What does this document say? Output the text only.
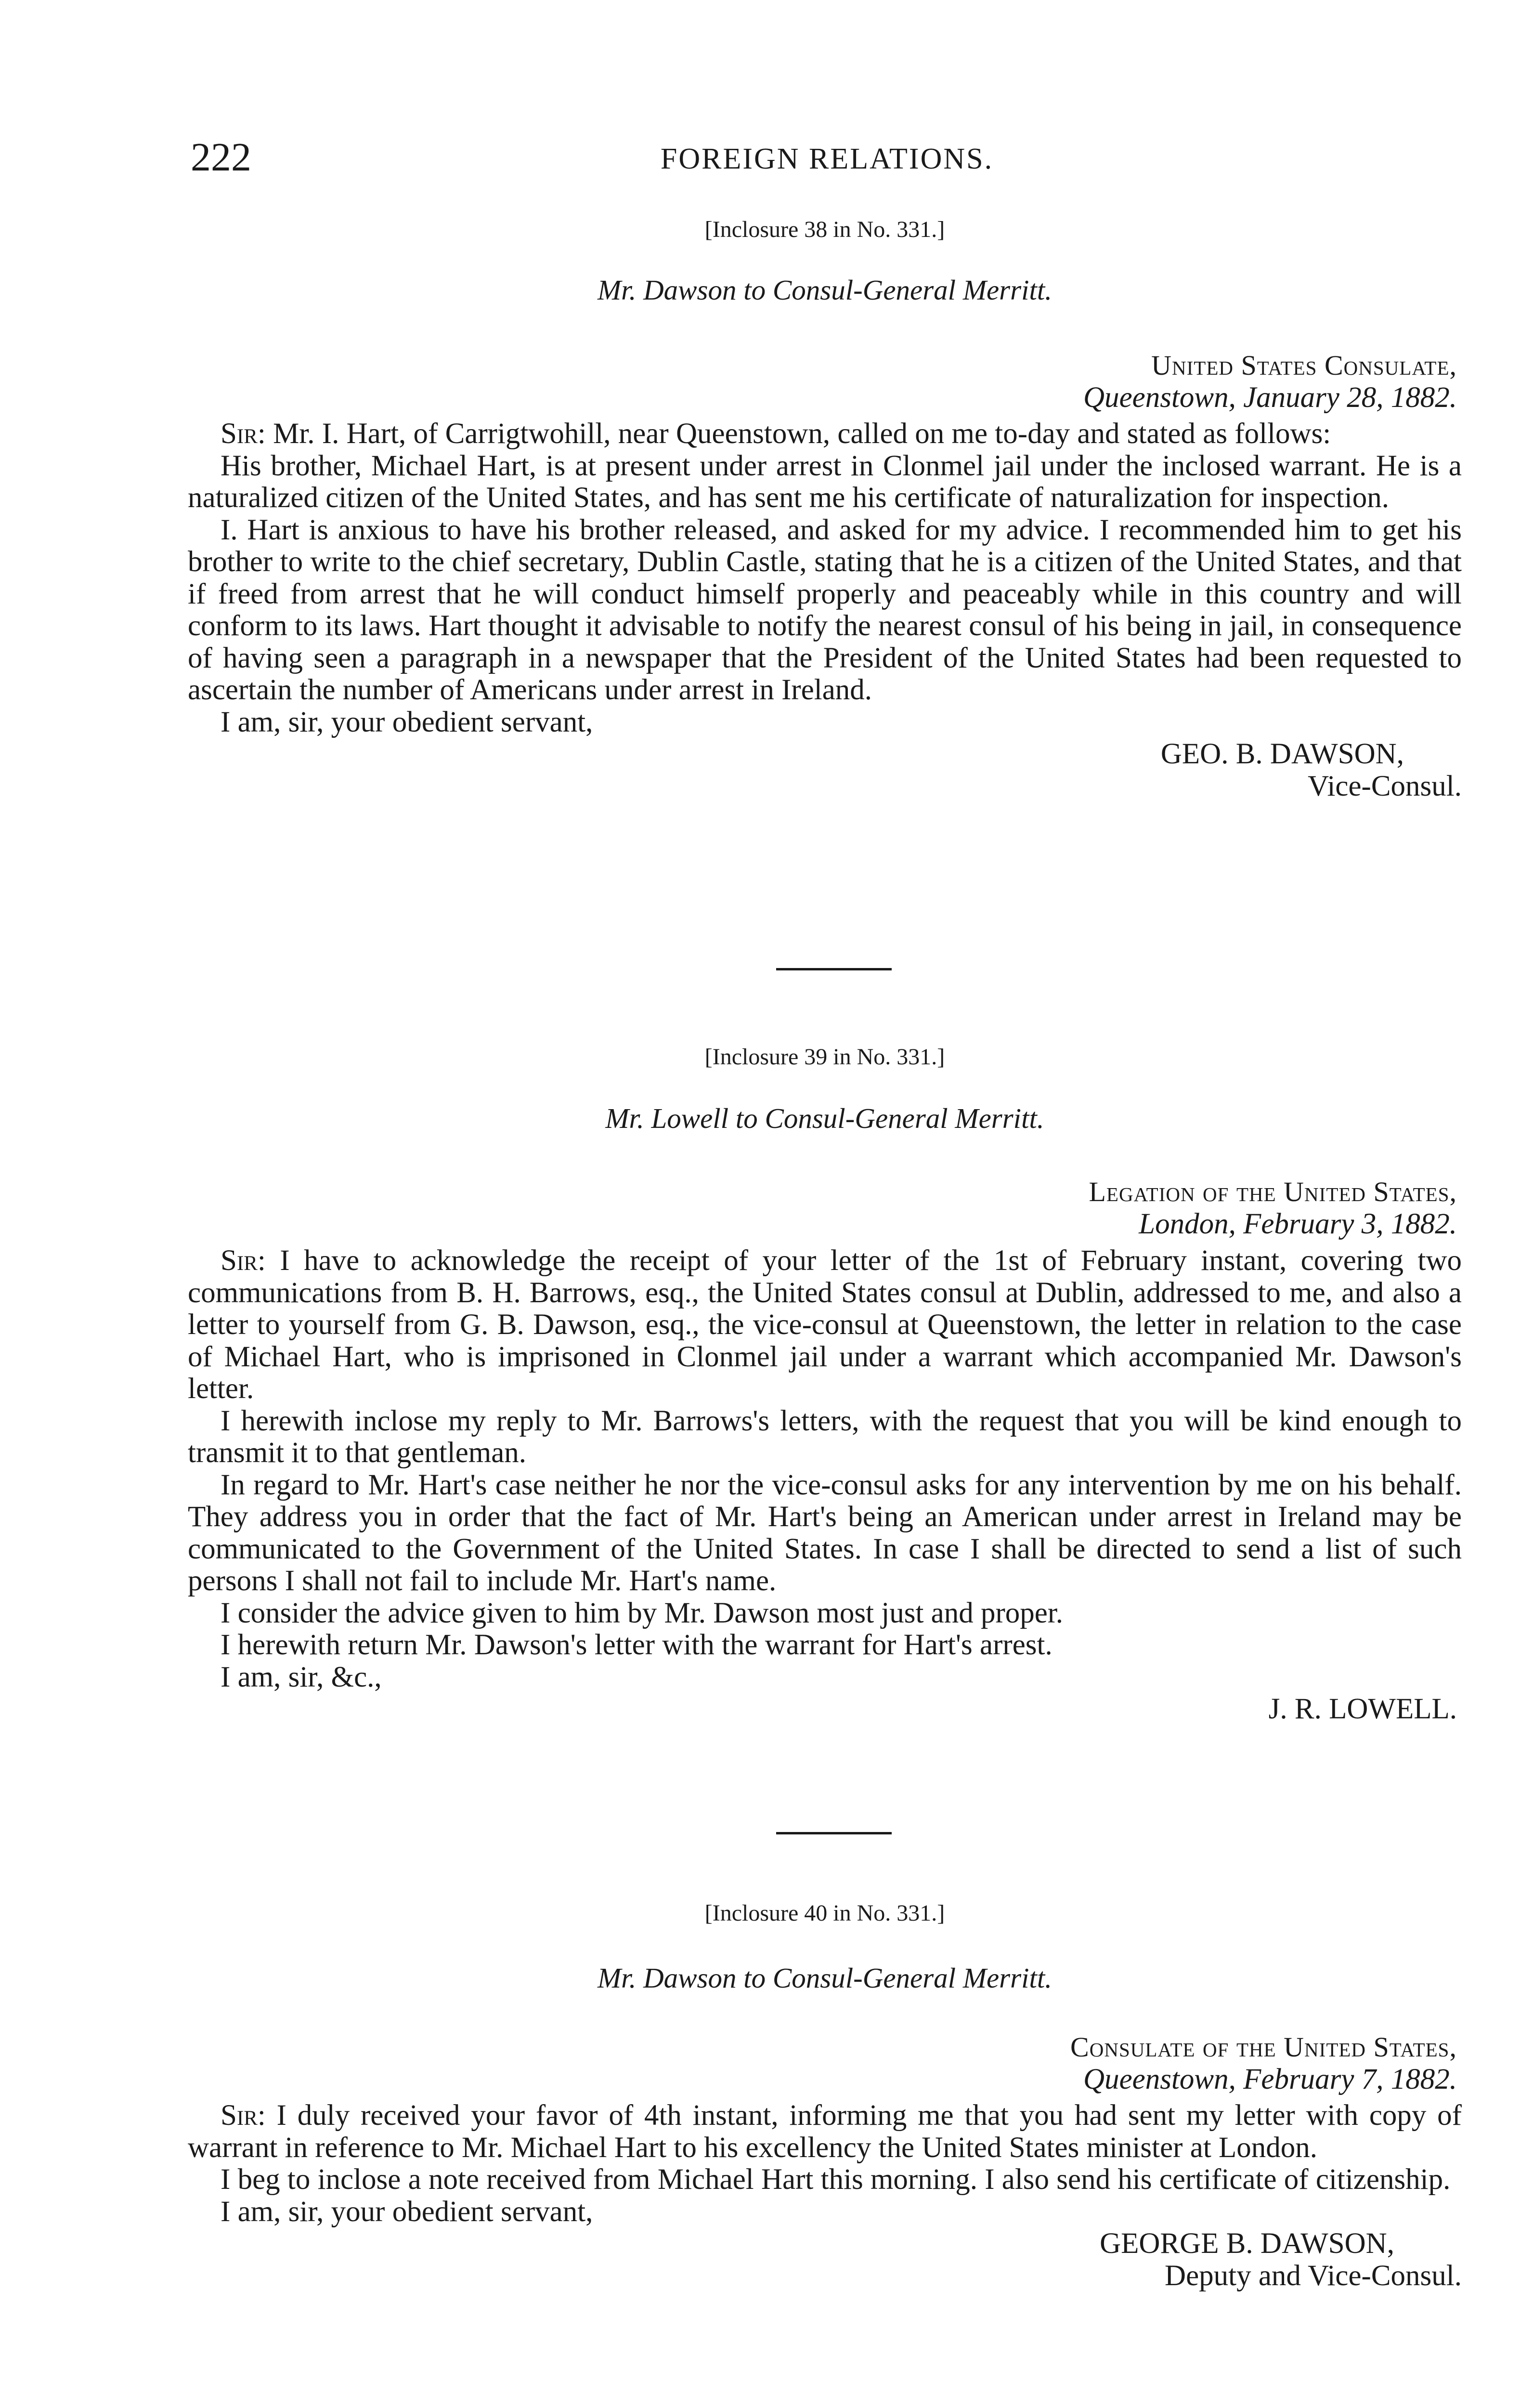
222	FOREIGN RELATIONS.
[Inclosure 38 in No. 331.]
Mr. Dawson to Consul-General Merritt.
United States Consulate,
Queenstown, January 28, 1882.

Sir: Mr. I. Hart, of Carrigtwohill, near Queenstown, called on me to-day and stated as follows:

His brother, Michael Hart, is at present under arrest in Clonmel jail under the inclosed warrant. He is a naturalized citizen of the United States, and has sent me his certificate of naturalization for inspection.

I. Hart is anxious to have his brother released, and asked for my advice. I recommended him to get his brother to write to the chief secretary, Dublin Castle, stating that he is a citizen of the United States, and that if freed from arrest that he will conduct himself properly and peaceably while in this country and will conform to its laws. Hart thought it advisable to notify the nearest consul of his being in jail, in consequence of having seen a paragraph in a newspaper that the President of the United States had been requested to ascertain the number of Americans under arrest in Ireland.

I am, sir, your obedient servant,

GEO. B. DAWSON,
Vice-Consul.
[Inclosure 39 in No. 331.]
Mr. Lowell to Consul-General Merritt.
Legation of the United States,
London, February 3, 1882.

Sir: I have to acknowledge the receipt of your letter of the 1st of February instant, covering two communications from B. H. Barrows, esq., the United States consul at Dublin, addressed to me, and also a letter to yourself from G. B. Dawson, esq., the vice-consul at Queenstown, the letter in relation to the case of Michael Hart, who is imprisoned in Clonmel jail under a warrant which accompanied Mr. Dawson's letter.

I herewith inclose my reply to Mr. Barrows's letters, with the request that you will be kind enough to transmit it to that gentleman.

In regard to Mr. Hart's case neither he nor the vice-consul asks for any intervention by me on his behalf. They address you in order that the fact of Mr. Hart's being an American under arrest in Ireland may be communicated to the Government of the United States. In case I shall be directed to send a list of such persons I shall not fail to include Mr. Hart's name.

I consider the advice given to him by Mr. Dawson most just and proper.

I herewith return Mr. Dawson's letter with the warrant for Hart's arrest.

I am, sir, &c.,

J. R. LOWELL.
[Inclosure 40 in No. 331.]
Mr. Dawson to Consul-General Merritt.
Consulate of the United States,
Queenstown, February 7, 1882.

Sir: I duly received your favor of 4th instant, informing me that you had sent my letter with copy of warrant in reference to Mr. Michael Hart to his excellency the United States minister at London.

I beg to inclose a note received from Michael Hart this morning. I also send his certificate of citizenship.

I am, sir, your obedient servant,

GEORGE B. DAWSON,
Deputy and Vice-Consul.
